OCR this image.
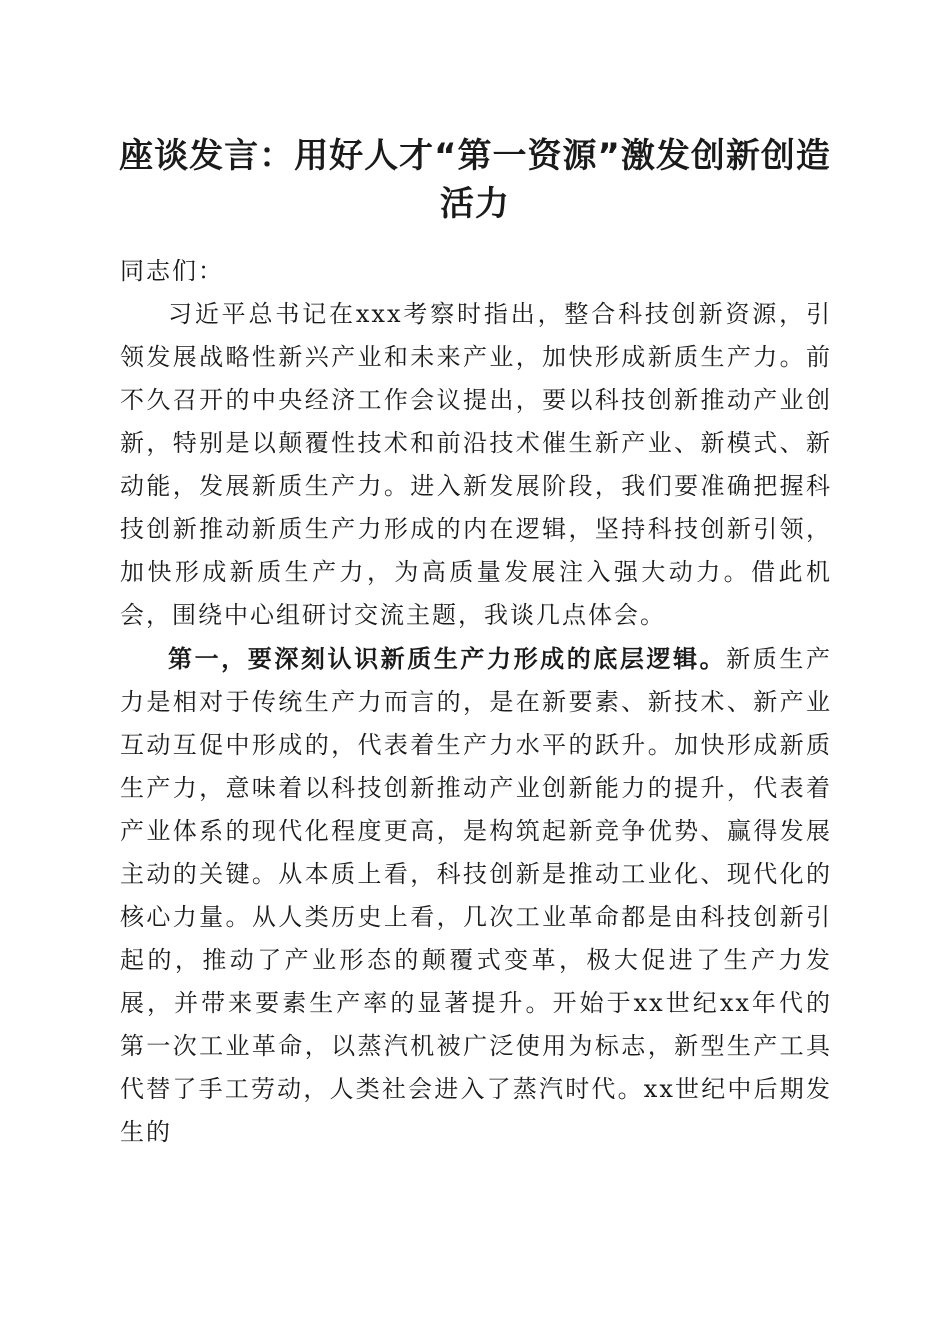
座谈发言：用好人才“第一资源”激发创新创造活力

同志们：

习近平总书记在xxx考察时指出，整合科技创新资源，引领发展战略性新兴产业和未来产业，加快形成新质生产力。前不久召开的中央经济工作会议提出，要以科技创新推动产业创新，特别是以颠覆性技术和前沿技术催生新产业、新模式、新动能，发展新质生产力。进入新发展阶段，我们要准确把握科技创新推动新质生产力形成的内在逻辑，坚持科技创新引领，加快形成新质生产力，为高质量发展注入强大动力。借此机会，围绕中心组研讨交流主题，我谈几点体会。

第一，要深刻认识新质生产力形成的底层逻辑。新质生产力是相对于传统生产力而言的，是在新要素、新技术、新产业互动互促中形成的，代表着生产力水平的跃升。加快形成新质生产力，意味着以科技创新推动产业创新能力的提升，代表着产业体系的现代化程度更高，是构筑起新竞争优势、赢得发展主动的关键。从本质上看，科技创新是推动工业化、现代化的核心力量。从人类历史上看，几次工业革命都是由科技创新引起的，推动了产业形态的颠覆式变革，极大促进了生产力发展，并带来要素生产率的显著提升。开始于xx世纪xx年代的第一次工业革命，以蒸汽机被广泛使用为标志，新型生产工具代替了手工劳动，人类社会进入了蒸汽时代。xx世纪中后期发生的
